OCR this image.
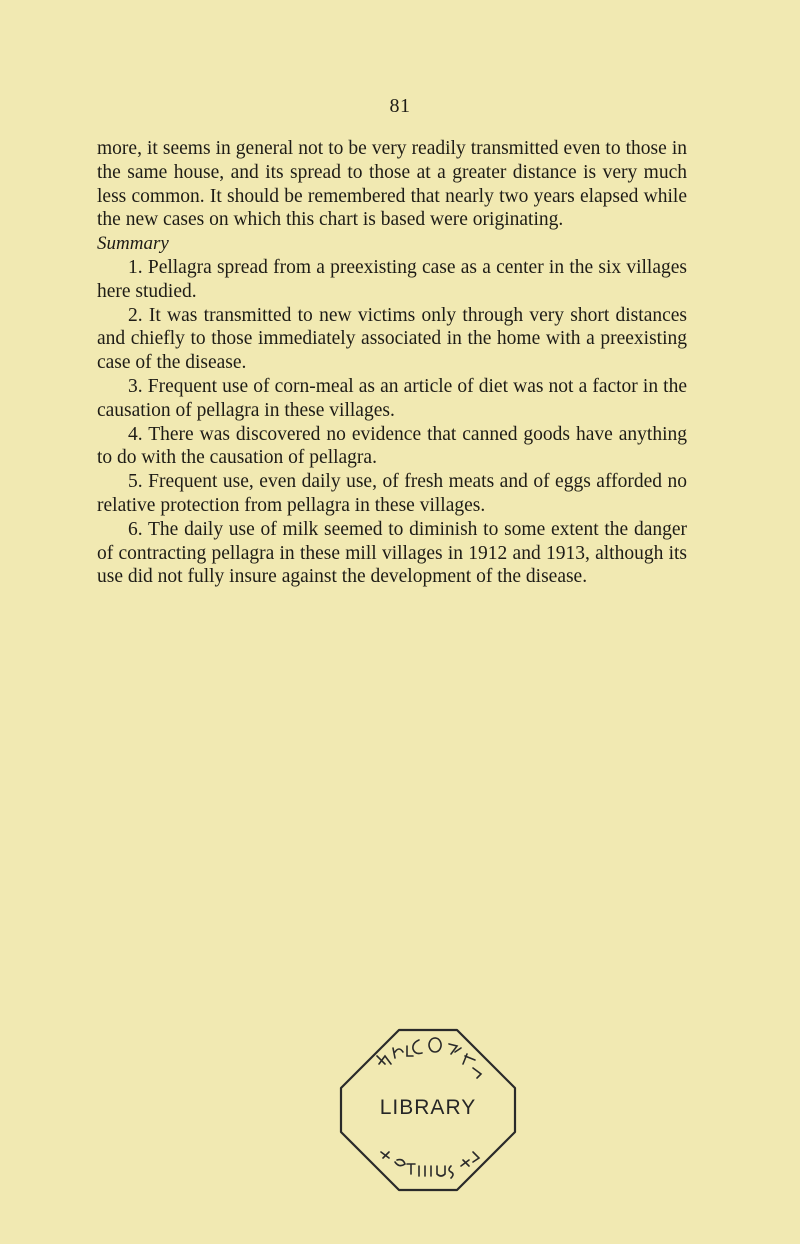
81

more, it seems in general not to be very readily transmitted even to those in the same house, and its spread to those at a greater distance is very much less common. It should be remembered that nearly two years elapsed while the new cases on which this chart is based were originating.

Summary

1. Pellagra spread from a preexisting case as a center in the six villages here studied.

2. It was transmitted to new victims only through very short distances and chiefly to those immediately associated in the home with a preexisting case of the disease.

3. Frequent use of corn-meal as an article of diet was not a factor in the causation of pellagra in these villages.

4. There was discovered no evidence that canned goods have anything to do with the causation of pellagra.

5. Frequent use, even daily use, of fresh meats and of eggs afforded no relative protection from pellagra in these villages.

6. The daily use of milk seemed to diminish to some extent the danger of contracting pellagra in these mill villages in 1912 and 1913, although its use did not fully insure against the development of the disease.

LIBRARY
